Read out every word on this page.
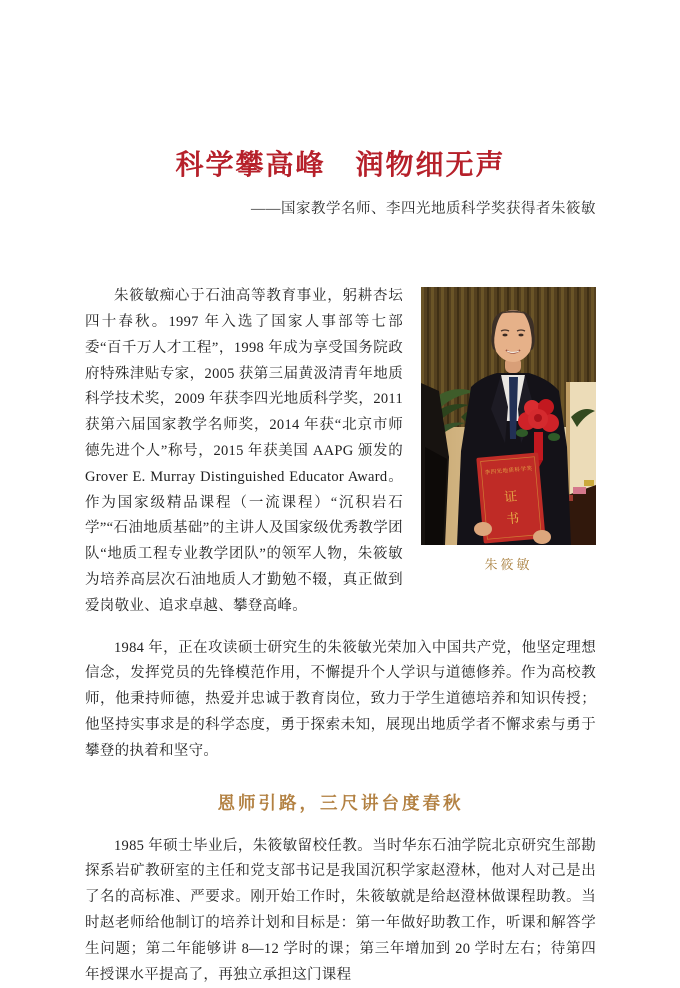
科学攀高峰　润物细无声
——国家教学名师、李四光地质科学奖获得者朱筱敏
李四光地质科学奖
证
书
朱筱敏

朱筱敏痴心于石油高等教育事业，躬耕杏坛四十春秋。1997 年入选了国家人事部等七部委“百千万人才工程”，1998 年成为享受国务院政府特殊津贴专家，2005 获第三届黄汲清青年地质科学技术奖，2009 年获李四光地质科学奖，2011 获第六届国家教学名师奖，2014 年获“北京市师德先进个人”称号，2015 年获美国 AAPG 颁发的 Grover E. Murray Distinguished Educator Award。作为国家级精品课程（一流课程）“沉积岩石学”“石油地质基础”的主讲人及国家级优秀教学团队“地质工程专业教学团队”的领军人物，朱筱敏为培养高层次石油地质人才勤勉不辍，真正做到爱岗敬业、追求卓越、攀登高峰。

1984 年，正在攻读硕士研究生的朱筱敏光荣加入中国共产党，他坚定理想信念，发挥党员的先锋模范作用，不懈提升个人学识与道德修养。作为高校教师，他秉持师德，热爱并忠诚于教育岗位，致力于学生道德培养和知识传授；他坚持实事求是的科学态度，勇于探索未知，展现出地质学者不懈求索与勇于攀登的执着和坚守。

恩师引路，三尺讲台度春秋

1985 年硕士毕业后，朱筱敏留校任教。当时华东石油学院北京研究生部勘探系岩矿教研室的主任和党支部书记是我国沉积学家赵澄林，他对人对己是出了名的高标准、严要求。刚开始工作时，朱筱敏就是给赵澄林做课程助教。当时赵老师给他制订的培养计划和目标是：第一年做好助教工作，听课和解答学生问题；第二年能够讲 8—12 学时的课；第三年增加到 20 学时左右；待第四年授课水平提高了，再独立承担这门课程
